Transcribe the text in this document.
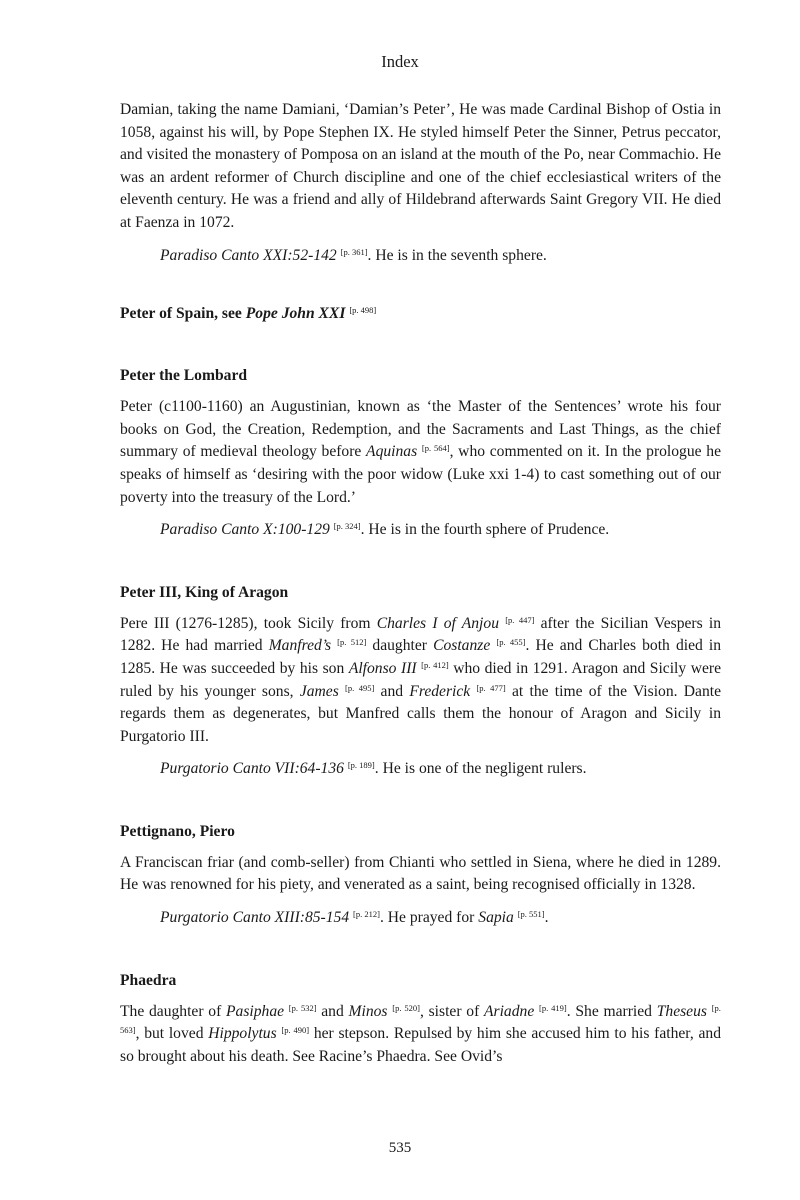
Index

Damian, taking the name Damiani, ‘Damian’s Peter’, He was made Cardinal Bishop of Ostia in 1058, against his will, by Pope Stephen IX. He styled himself Peter the Sinner, Petrus peccator, and visited the monastery of Pomposa on an island at the mouth of the Po, near Commachio. He was an ardent reformer of Church discipline and one of the chief ecclesiastical writers of the eleventh century. He was a friend and ally of Hildebrand afterwards Saint Gregory VII. He died at Faenza in 1072.

Paradiso Canto XXI:52-142 [p. 361]. He is in the seventh sphere.

Peter of Spain, see Pope John XXI [p. 498]

Peter the Lombard

Peter (c1100-1160) an Augustinian, known as ‘the Master of the Sentences’ wrote his four books on God, the Creation, Redemption, and the Sacraments and Last Things, as the chief summary of medieval theology before Aquinas [p. 564], who commented on it. In the prologue he speaks of himself as ‘desiring with the poor widow (Luke xxi 1-4) to cast something out of our poverty into the treasury of the Lord.’

Paradiso Canto X:100-129 [p. 324]. He is in the fourth sphere of Prudence.

Peter III, King of Aragon

Pere III (1276-1285), took Sicily from Charles I of Anjou [p. 447] after the Sicilian Vespers in 1282. He had married Manfred’s [p. 512] daughter Costanze [p. 455]. He and Charles both died in 1285. He was succeeded by his son Alfonso III [p. 412] who died in 1291. Aragon and Sicily were ruled by his younger sons, James [p. 495] and Frederick [p. 477] at the time of the Vision. Dante regards them as degenerates, but Manfred calls them the honour of Aragon and Sicily in Purgatorio III.

Purgatorio Canto VII:64-136 [p. 189]. He is one of the negligent rulers.

Pettignano, Piero

A Franciscan friar (and comb-seller) from Chianti who settled in Siena, where he died in 1289. He was renowned for his piety, and venerated as a saint, being recognised officially in 1328.

Purgatorio Canto XIII:85-154 [p. 212]. He prayed for Sapia [p. 551].

Phaedra

The daughter of Pasiphae [p. 532] and Minos [p. 520], sister of Ariadne [p. 419]. She married Theseus [p. 563], but loved Hippolytus [p. 490] her stepson. Repulsed by him she accused him to his father, and so brought about his death. See Racine’s Phaedra. See Ovid’s

535
